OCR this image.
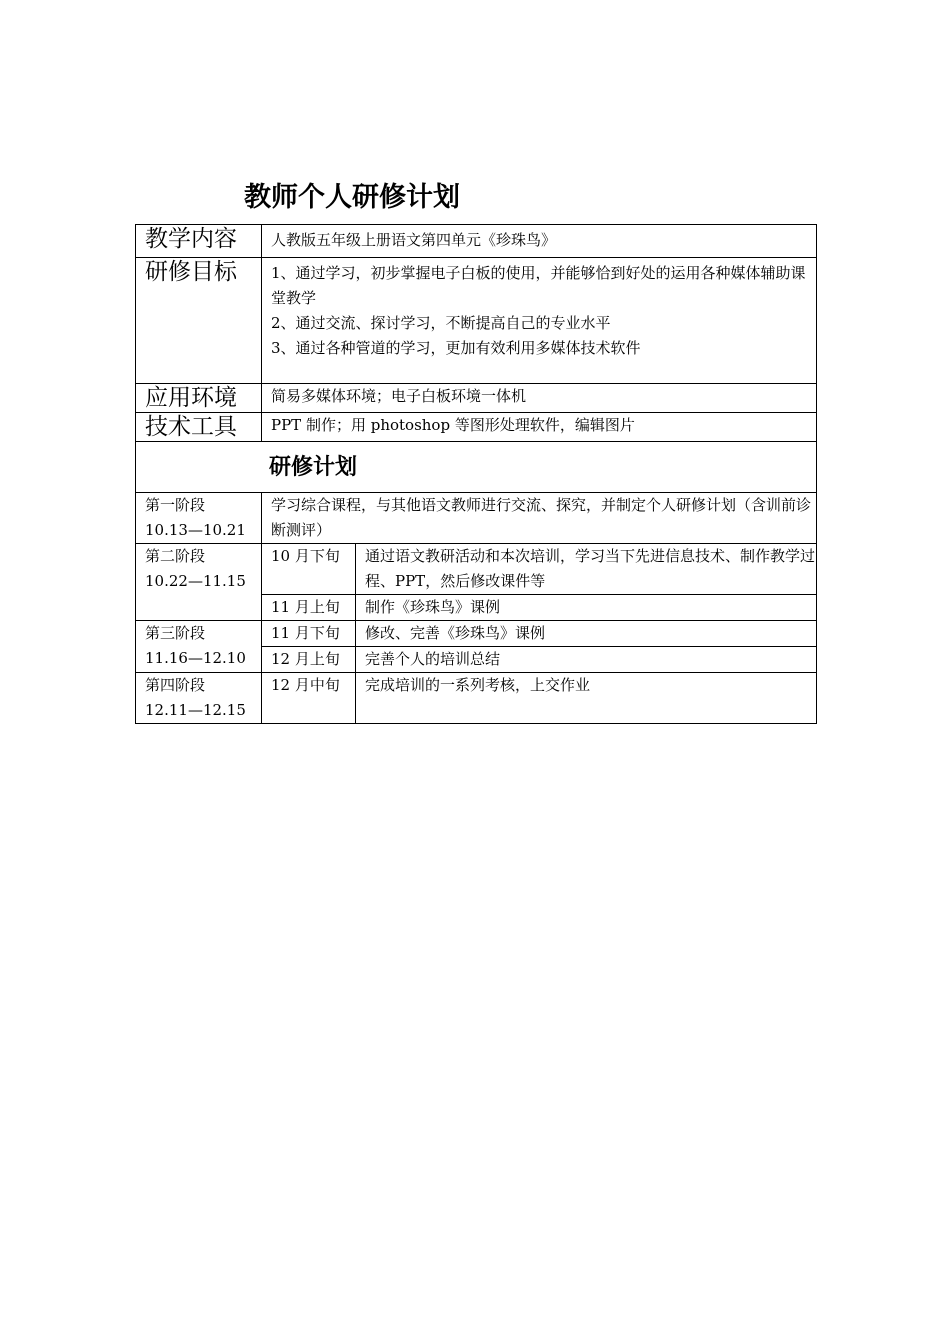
教师个人研修计划
教学内容	人教版五年级上册语文第四单元《珍珠鸟》	
研修目标	1、通过学习，初步掌握电子白板的使用，并能够恰到好处的运用各种媒体辅助课堂教学
2、通过交流、探讨学习，不断提高自己的专业水平
3、通过各种管道的学习，更加有效利用多媒体技术软件	

应用环境	简易多媒体环境；电子白板环境一体机	
技术工具	PPT 制作；用 photoshop 等图形处理软件，编辑图片	

研修计划		

第一阶段
10.13—10.21	学习综合课程，与其他语文教师进行交流、探究，并制定个人研修计划（含训前诊断测评）	

第二阶段
10.22—11.15	10 月下旬	通过语文教研活动和本次培训，学习当下先进信息技术、制作教学过程、PPT，然后修改课件等
	11 月上旬	制作《珍珠鸟》课例

第三阶段
11.16—12.10	11 月下旬	修改、完善《珍珠鸟》课例
	12 月上旬	完善个人的培训总结

第四阶段
12.11—12.15	12 月中旬	完成培训的一系列考核，上交作业
